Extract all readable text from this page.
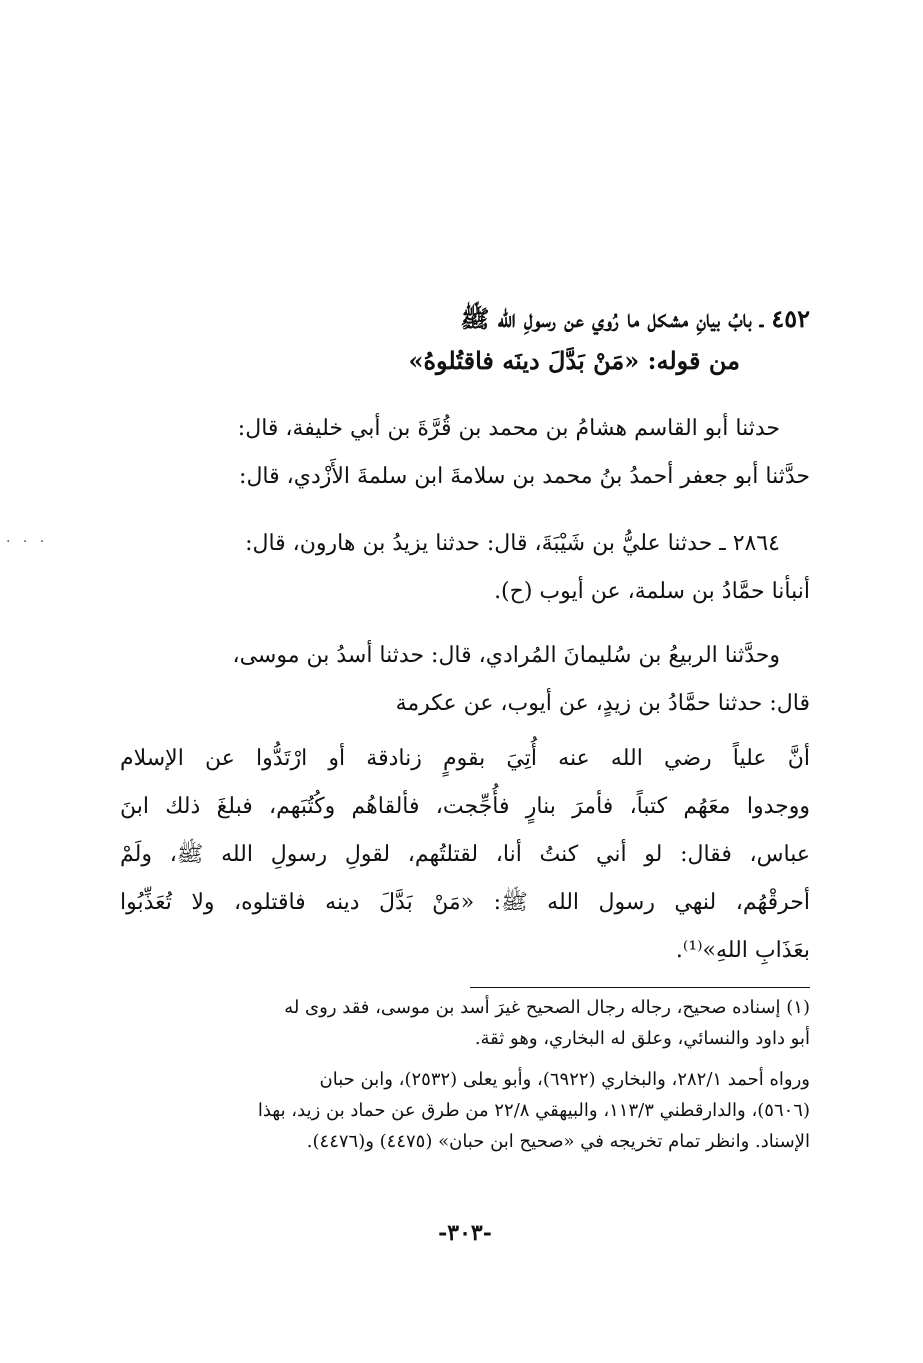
. . .
٤٥٢ ـ بابُ بيانِ مشكل ما رُوي عن رسولِ الله ﷺ
من قوله: «مَنْ بَدَّلَ دينَه فاقتُلوهُ»
حدثنا أبو القاسم هشامُ بن محمد بن قُرَّةَ بن أبي خليفة، قال:
حدَّثنا أبو جعفر أحمدُ بنُ محمد بن سلامةَ ابن سلمةَ الأَزْدي، قال:
٢٨٦٤ ـ حدثنا عليُّ بن شَيْبَةَ، قال: حدثنا يزيدُ بن هارون، قال:
أنبأنا حمَّادُ بن سلمة، عن أيوب (ح).
وحدَّثنا الربيعُ بن سُليمانَ المُرادي، قال: حدثنا أسدُ بن موسى،
قال: حدثنا حمَّادُ بن زيدٍ، عن أيوب، عن عكرمة
أنَّ علياً رضي الله عنه أُتِيَ بقومٍ زنادقة أو ارْتَدُّوا عن الإسلام
ووجدوا معَهُم كتباً، فأمرَ بنارٍ فأُجِّجت، فألقاهُم وكُتُبَهم، فبلغَ ذلك ابنَ
عباس، فقال: لو أني كنتُ أنا، لقتلتُهم، لقولِ رسولِ الله ﷺ، ولَمْ
أحرقْهُم، لنهي رسول الله ﷺ: «مَنْ بَدَّلَ دينه فاقتلوه، ولا تُعَذِّبُوا
بعَذَابِ اللهِ»⁽¹⁾.
(١) إسناده صحيح، رجاله رجال الصحيح غيرَ أسد بن موسى، فقد روى له
أبو داود والنسائي، وعلق له البخاري، وهو ثقة.
ورواه أحمد ٢٨٢/١، والبخاري (٦٩٢٢)، وأبو يعلى (٢٥٣٢)، وابن حبان
(٥٦٠٦)، والدارقطني ١١٣/٣، والبيهقي ٢٢/٨ من طرق عن حماد بن زيد، بهذا
الإسناد. وانظر تمام تخريجه في «صحيح ابن حبان» (٤٤٧٥) و(٤٤٧٦).
-٣٠٣-
